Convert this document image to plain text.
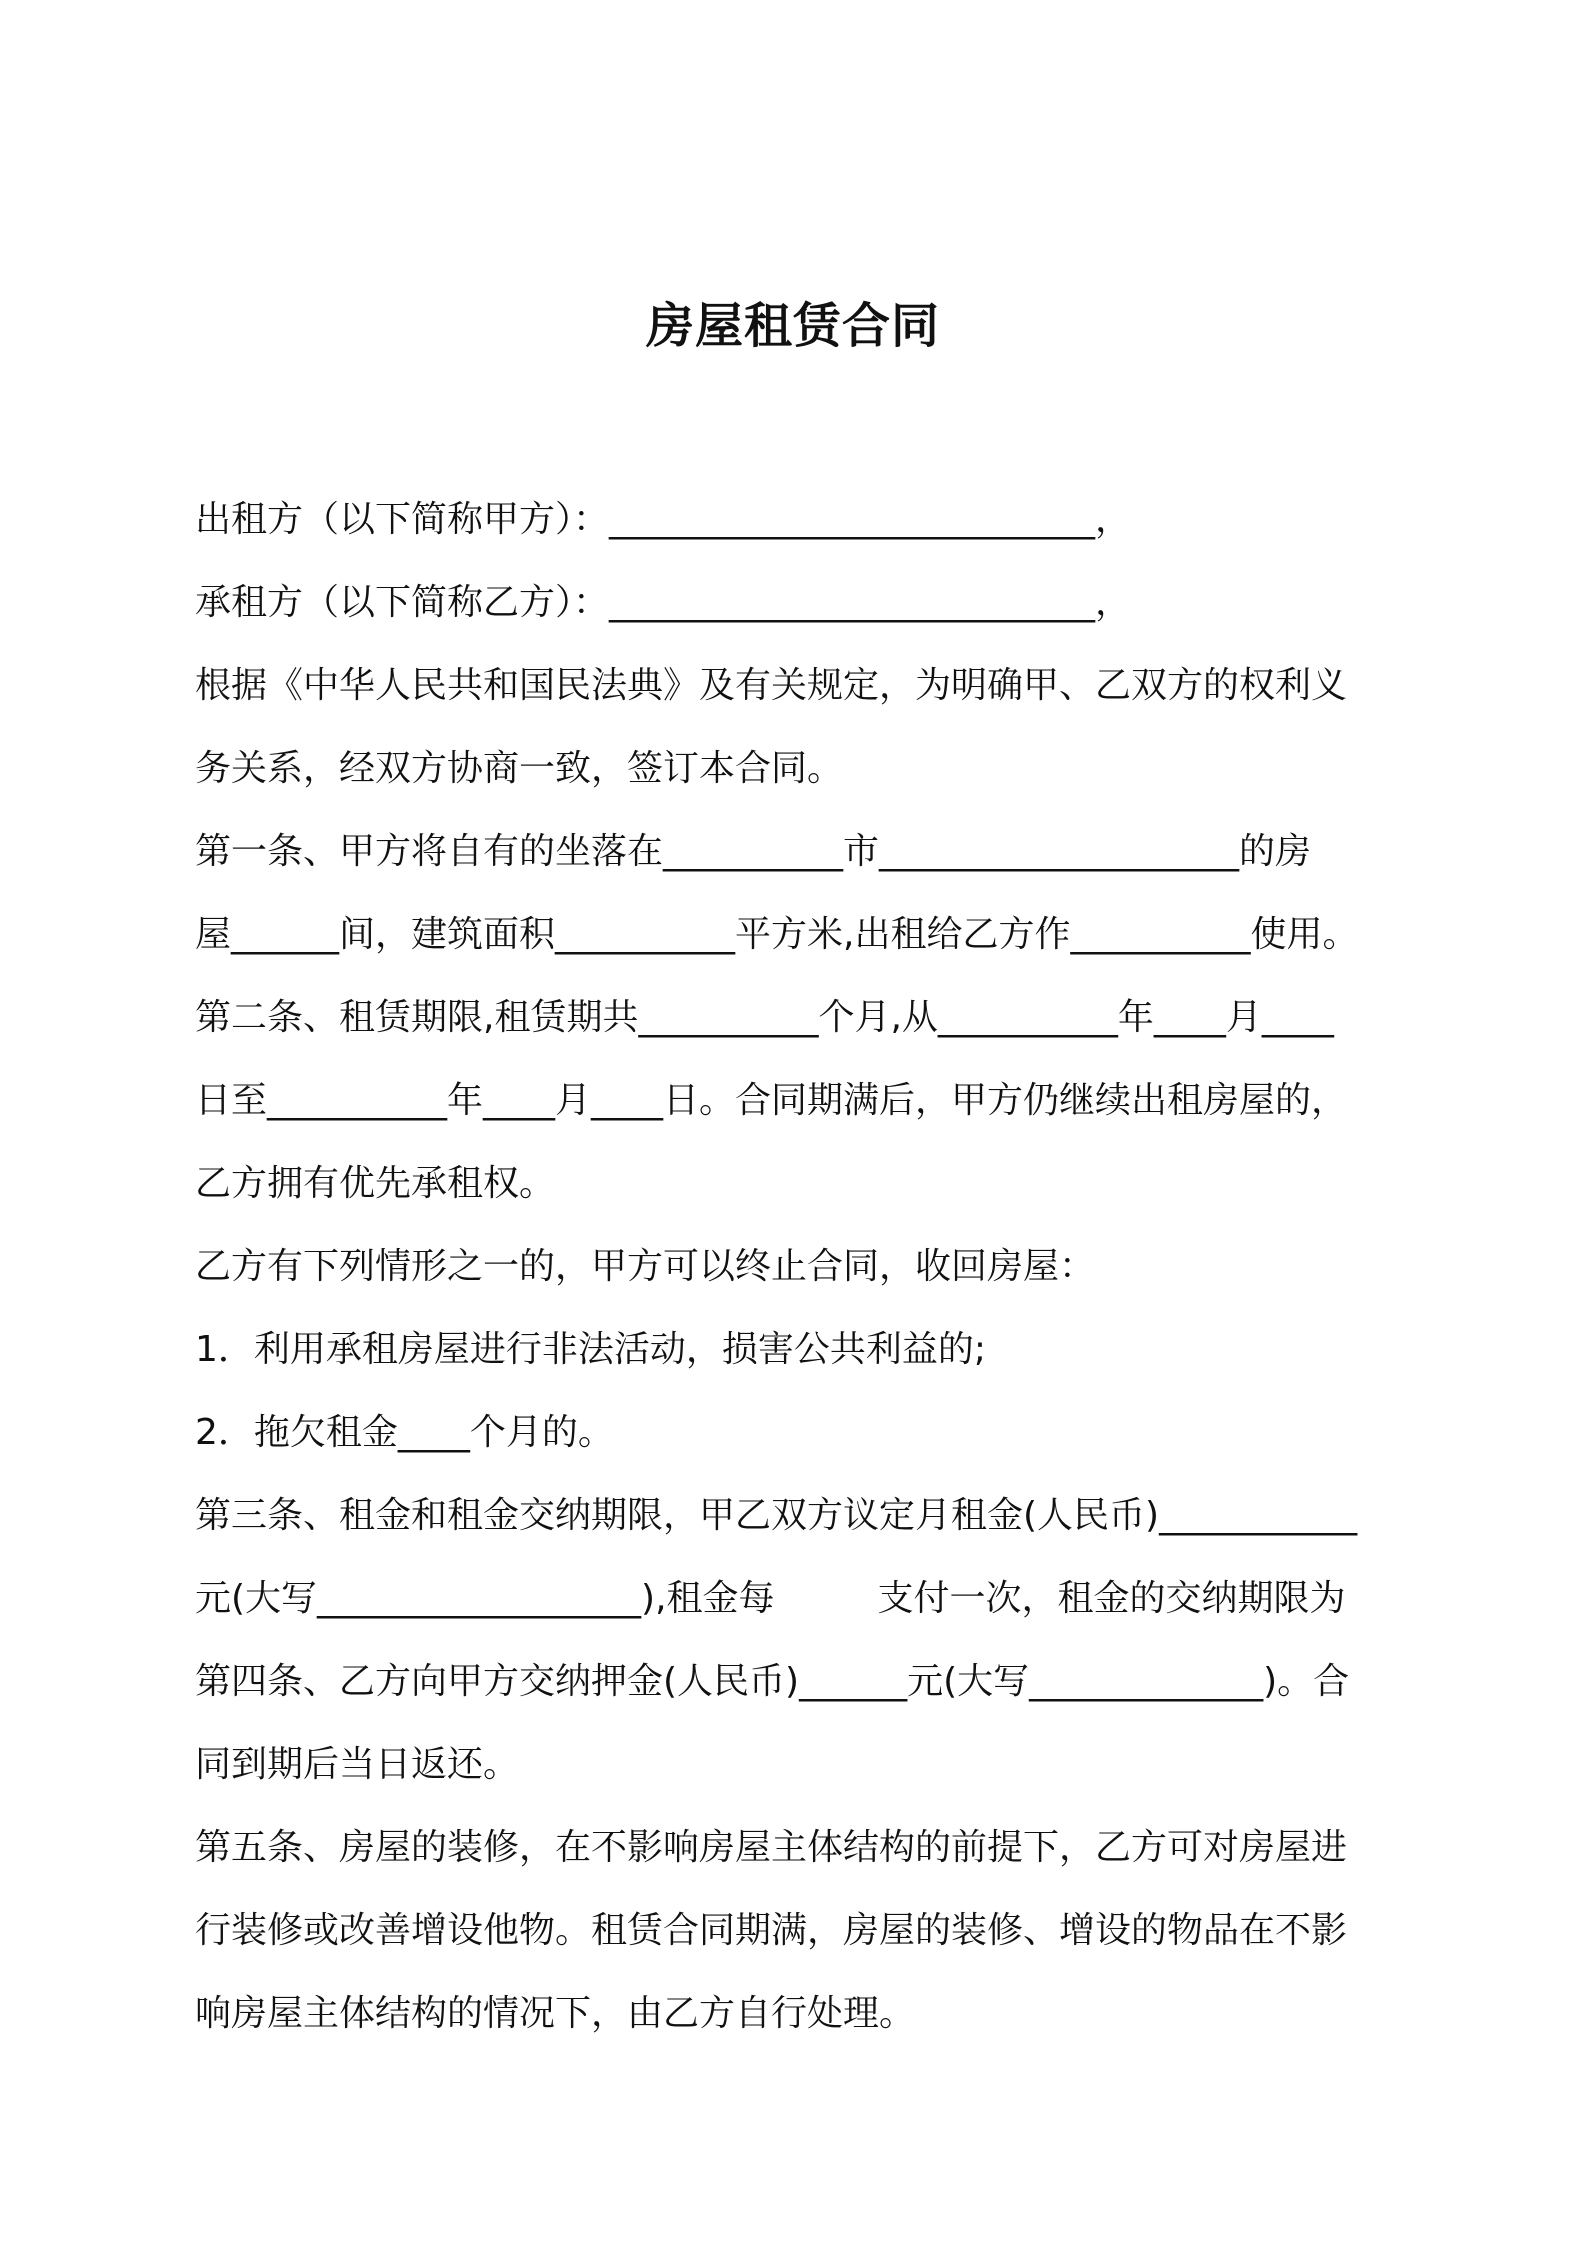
房屋租赁合同
出租方（以下简称甲方）：___________________________，
承租方（以下简称乙方）：___________________________，
根据《中华人民共和国民法典》及有关规定，为明确甲、乙双方的权利义
务关系，经双方协商一致，签订本合同。
第一条、甲方将自有的坐落在__________市____________________的房
屋______间，建筑面积__________平方米,出租给乙方作__________使用。
第二条、租赁期限,租赁期共__________个月,从__________年____月____
日至__________年____月____日。合同期满后，甲方仍继续出租房屋的，
乙方拥有优先承租权。
乙方有下列情形之一的，甲方可以终止合同，收回房屋：
1．利用承租房屋进行非法活动，损害公共利益的;
2．拖欠租金____个月的。
第三条、租金和租金交纳期限，甲乙双方议定月租金(人民币)___________
元(大写__________________),租金每         支付一次，租金的交纳期限为
第四条、乙方向甲方交纳押金(人民币)______元(大写_____________)。合
同到期后当日返还。
第五条、房屋的装修，在不影响房屋主体结构的前提下，乙方可对房屋进
行装修或改善增设他物。租赁合同期满，房屋的装修、增设的物品在不影
响房屋主体结构的情况下，由乙方自行处理。
